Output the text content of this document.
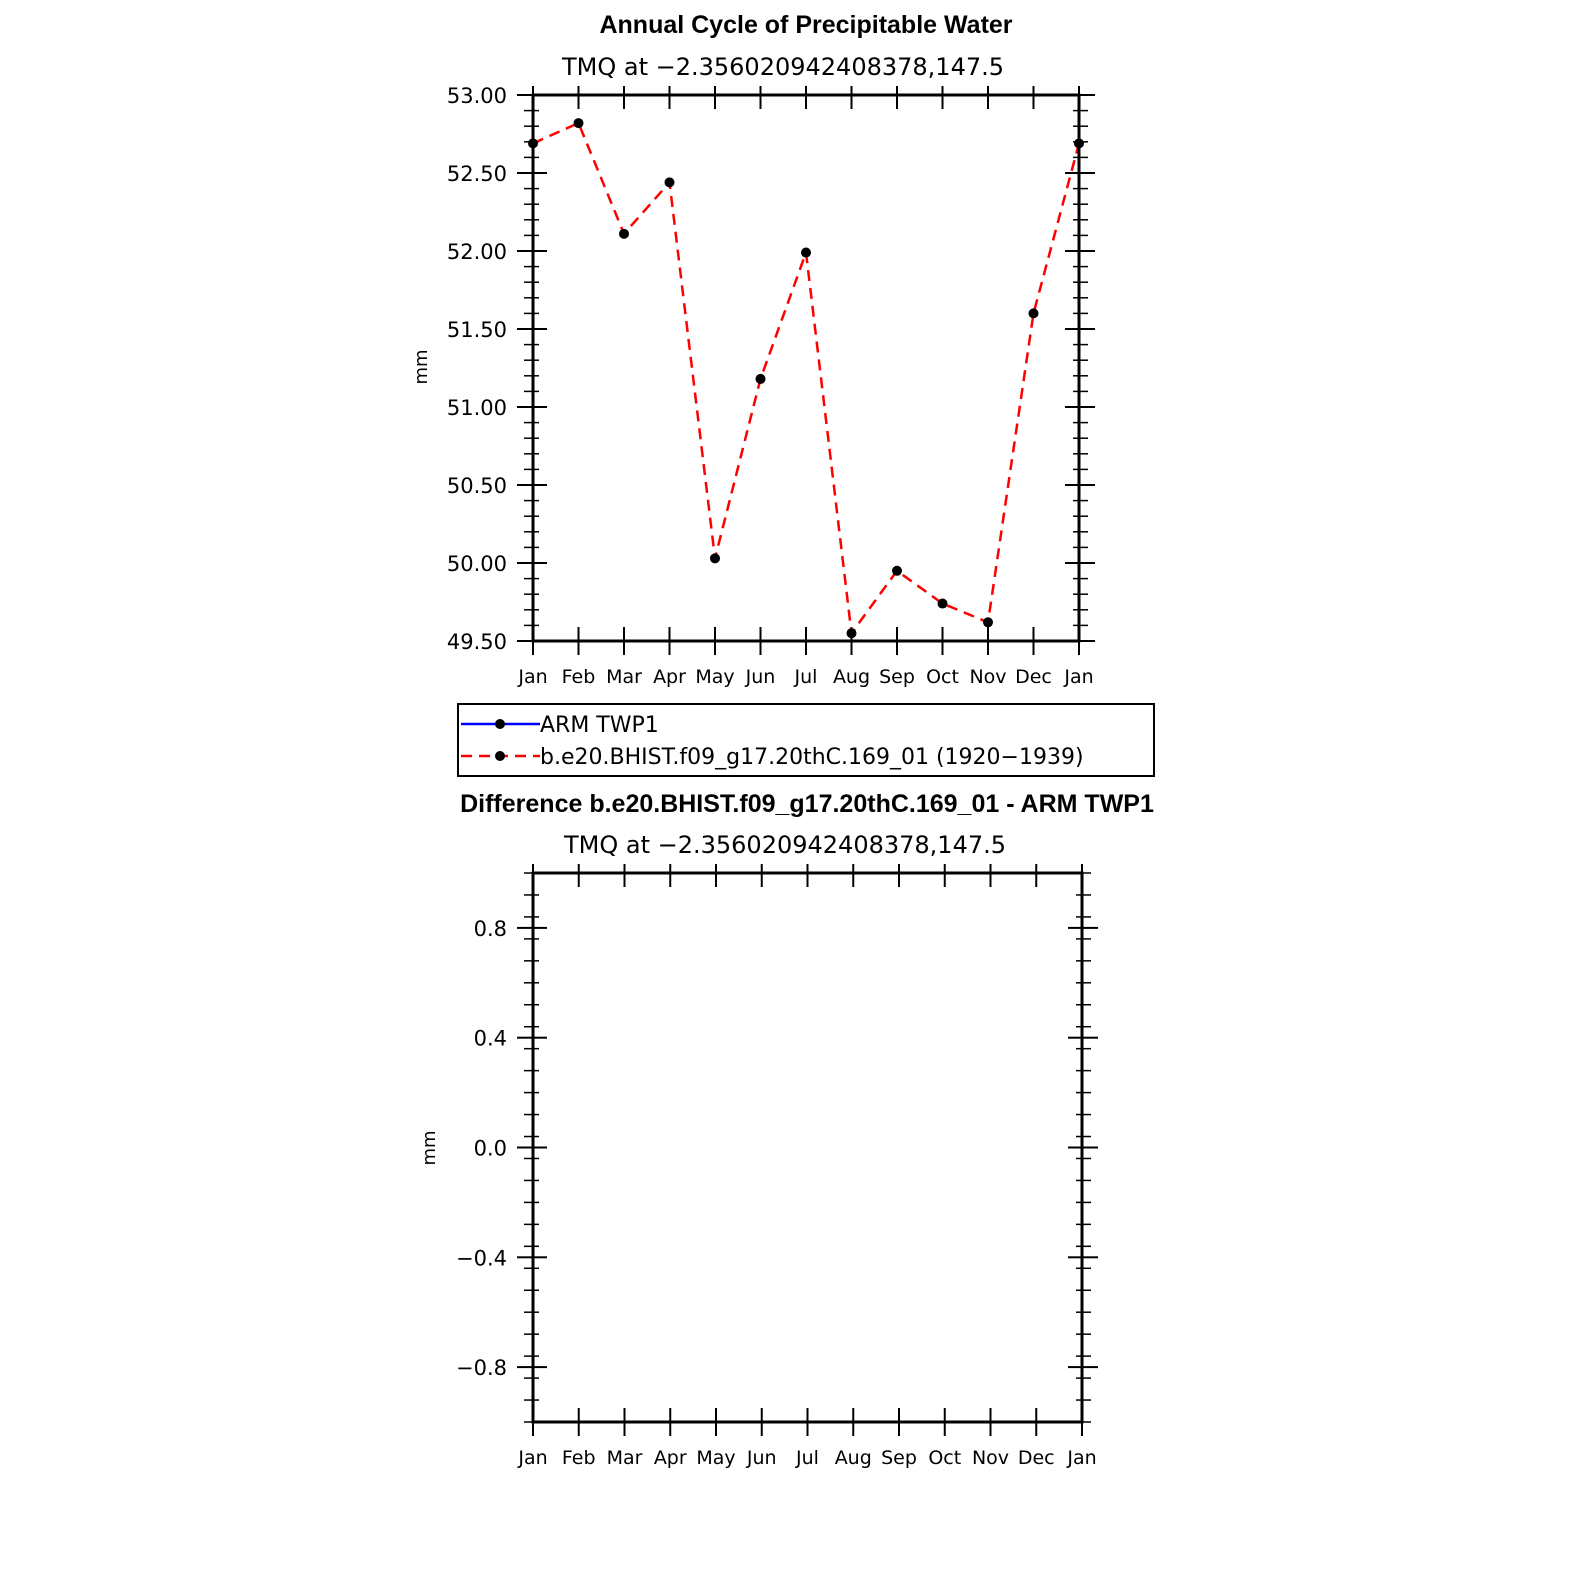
Annual Cycle of Precipitable Water
TMQ at −2.356020942408378,147.5
mm
Jan Feb Mar Apr May Jun Jul Aug Sep Oct Nov Dec Jan
49.50
50.00
50.50
51.00
51.50
52.00
52.50
53.00
ARM TWP1
b.e20.BHIST.f09_g17.20thC.169_01 (1920−1939)
Difference b.e20.BHIST.f09_g17.20thC.169_01 - ARM TWP1
TMQ at −2.356020942408378,147.5
mm
Jan Feb Mar Apr May Jun Jul Aug Sep Oct Nov Dec Jan
−0.8
−0.4
0.0
0.4
0.8
